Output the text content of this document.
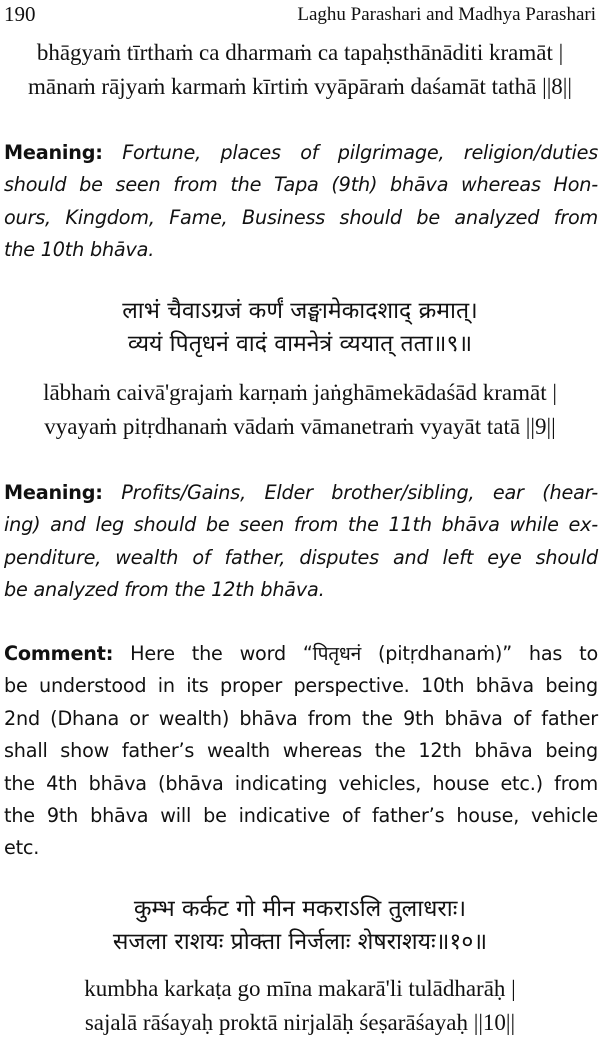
190	Laghu Parashari and Madhya Parashari
bhāgyaṁ tīrthaṁ ca dharmaṁ ca tapaḥsthānāditi kramāt |
mānaṁ rājyaṁ karmaṁ kīrtiṁ vyāpāraṁ daśamāt tathā ||8||
Meaning: Fortune, places of pilgrimage, religion/duties
should be seen from the Tapa (9th) bhāva whereas Hon-
ours, Kingdom, Fame, Business should be analyzed from
the 10th bhāva.
लाभं चैवाऽग्रजं कर्णं जङ्घामेकादशाद् क्रमात्।
व्ययं पितृधनं वादं वामनेत्रं व्ययात् तता॥९॥
lābhaṁ caivā'grajaṁ karṇaṁ jaṅghāmekādaśād kramāt |
vyayaṁ pitṛdhanaṁ vādaṁ vāmanetraṁ vyayāt tatā ||9||
Meaning: Profits/Gains, Elder brother/sibling, ear (hear-
ing) and leg should be seen from the 11th bhāva while ex-
penditure, wealth of father, disputes and left eye should
be analyzed from the 12th bhāva.
Comment: Here the word “पितृधनं (pitṛdhanaṁ)” has to
be understood in its proper perspective. 10th bhāva being
2nd (Dhana or wealth) bhāva from the 9th bhāva of father
shall show father’s wealth whereas the 12th bhāva being
the 4th bhāva (bhāva indicating vehicles, house etc.) from
the 9th bhāva will be indicative of father’s house, vehicle
etc.
कुम्भ कर्कट गो मीन मकराऽलि तुलाधराः।
सजला राशयः प्रोक्ता निर्जलाः शेषराशयः॥१०॥
kumbha karkaṭa go mīna makarā'li tulādharāḥ |
sajalā rāśayaḥ proktā nirjalāḥ śeṣarāśayaḥ ||10||
